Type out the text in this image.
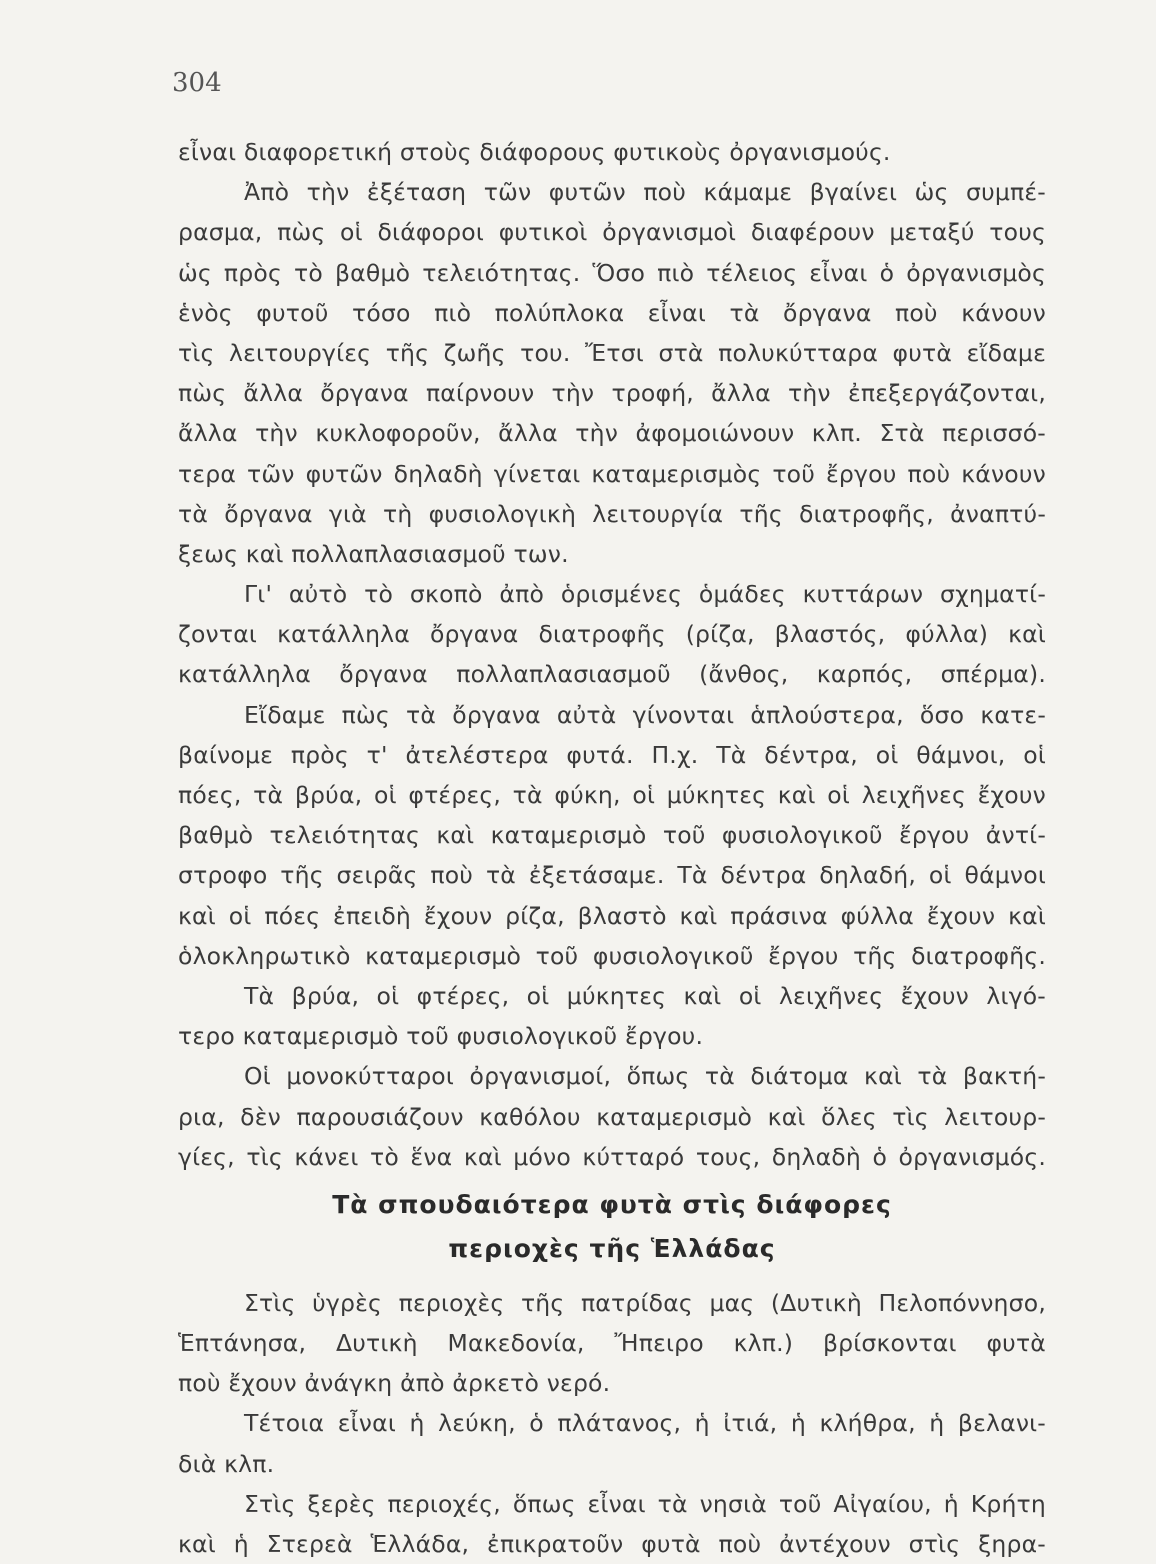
304
εἶναι διαφορετική στοὺς διάφορους φυτικοὺς ὀργανισμούς.
Ἀπὸ τὴν ἐξέταση τῶν φυτῶν ποὺ κάμαμε βγαίνει ὡς συμπέ-
ρασμα, πὼς οἱ διάφοροι φυτικοὶ ὀργανισμοὶ διαφέρουν μεταξύ τους
ὡς πρὸς τὸ βαθμὸ τελειότητας. Ὅσο πιὸ τέλειος εἶναι ὁ ὀργανισμὸς
ἑνὸς φυτοῦ τόσο πιὸ πολύπλοκα εἶναι τὰ ὄργανα ποὺ κάνουν
τὶς λειτουργίες τῆς ζωῆς του. Ἔτσι στὰ πολυκύτταρα φυτὰ εἴδαμε
πὼς ἄλλα ὄργανα παίρνουν τὴν τροφή, ἄλλα τὴν ἐπεξεργάζονται,
ἄλλα τὴν κυκλοφοροῦν, ἄλλα τὴν ἀφομοιώνουν κλπ. Στὰ περισσό-
τερα τῶν φυτῶν δηλαδὴ γίνεται καταμερισμὸς τοῦ ἔργου ποὺ κάνουν
τὰ ὄργανα γιὰ τὴ φυσιολογικὴ λειτουργία τῆς διατροφῆς, ἀναπτύ-
ξεως καὶ πολλαπλασιασμοῦ των.
Γι' αὐτὸ τὸ σκοπὸ ἀπὸ ὁρισμένες ὁμάδες κυττάρων σχηματί-
ζονται κατάλληλα ὄργανα διατροφῆς (ρίζα, βλαστός, φύλλα) καὶ
κατάλληλα ὄργανα πολλαπλασιασμοῦ (ἄνθος, καρπός, σπέρμα).
Εἴδαμε πὼς τὰ ὄργανα αὐτὰ γίνονται ἁπλούστερα, ὅσο κατε-
βαίνομε πρὸς τ' ἀτελέστερα φυτά. Π.χ. Τὰ δέντρα, οἱ θάμνοι, οἱ
πόες, τὰ βρύα, οἱ φτέρες, τὰ φύκη, οἱ μύκητες καὶ οἱ λειχῆνες ἔχουν
βαθμὸ τελειότητας καὶ καταμερισμὸ τοῦ φυσιολογικοῦ ἔργου ἀντί-
στροφο τῆς σειρᾶς ποὺ τὰ ἐξετάσαμε. Τὰ δέντρα δηλαδή, οἱ θάμνοι
καὶ οἱ πόες ἐπειδὴ ἔχουν ρίζα, βλαστὸ καὶ πράσινα φύλλα ἔχουν καὶ
ὁλοκληρωτικὸ καταμερισμὸ τοῦ φυσιολογικοῦ ἔργου τῆς διατροφῆς.
Τὰ βρύα, οἱ φτέρες, οἱ μύκητες καὶ οἱ λειχῆνες ἔχουν λιγό-
τερο καταμερισμὸ τοῦ φυσιολογικοῦ ἔργου.
Οἱ μονοκύτταροι ὀργανισμοί, ὅπως τὰ διάτομα καὶ τὰ βακτή-
ρια, δὲν παρουσιάζουν καθόλου καταμερισμὸ καὶ ὅλες τὶς λειτουρ-
γίες, τὶς κάνει τὸ ἕνα καὶ μόνο κύτταρό τους, δηλαδὴ ὁ ὀργανισμός.
Τὰ σπουδαιότερα φυτὰ στὶς διάφορες
περιοχὲς τῆς Ἑλλάδας
Στὶς ὑγρὲς περιοχὲς τῆς πατρίδας μας (Δυτικὴ Πελοπόννησο,
Ἑπτάνησα, Δυτικὴ Μακεδονία, Ἤπειρο κλπ.) βρίσκονται φυτὰ
ποὺ ἔχουν ἀνάγκη ἀπὸ ἀρκετὸ νερό.
Τέτοια εἶναι ἡ λεύκη, ὁ πλάτανος, ἡ ἰτιά, ἡ κλήθρα, ἡ βελανι-
διὰ κλπ.
Στὶς ξερὲς περιοχές, ὅπως εἶναι τὰ νησιὰ τοῦ Αἰγαίου, ἡ Κρήτη
καὶ ἡ Στερεὰ Ἑλλάδα, ἐπικρατοῦν φυτὰ ποὺ ἀντέχουν στὶς ξηρα-
